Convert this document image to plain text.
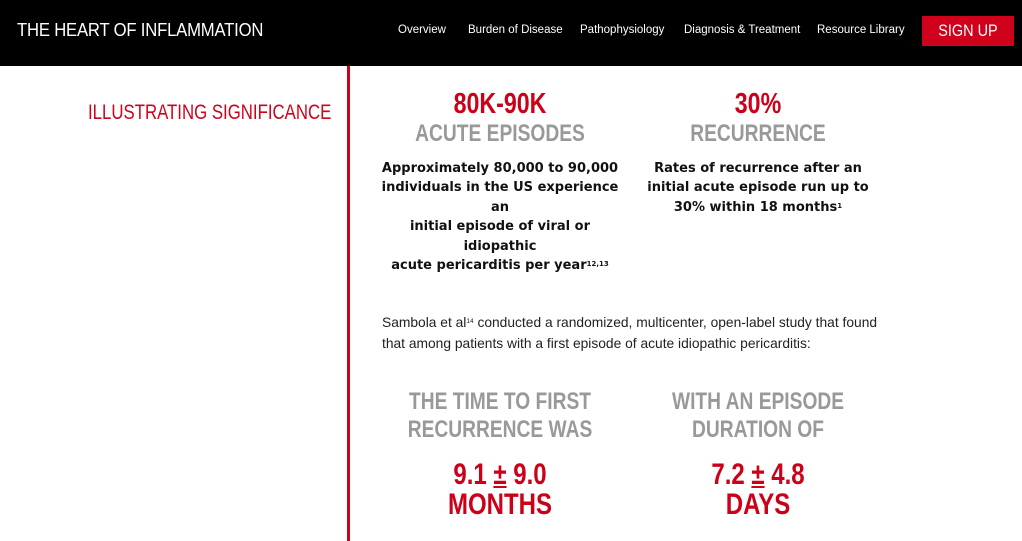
THE HEART OF INFLAMMATION	Overview Burden of Disease Pathophysiology Diagnosis & Treatment Resource Library SIGN UP
ILLUSTRATING SIGNIFICANCE	80K-90K
ACUTE EPISODES
Approximately 80,000 to 90,000
individuals in the US experience
an
initial episode of viral or
idiopathic
acute pericarditis per year$^{12,13}$
30%
RECURRENCE
Rates of recurrence after an
initial acute episode run up to
30% within 18 months$^1$
Sambola et al$^{14}$ conducted a randomized, multicenter, open-label study that found
that among patients with a first episode of acute idiopathic pericarditis:
THE TIME TO FIRST
RECURRENCE WAS
9.1 ± 9.0
MONTHS
WITH AN EPISODE
DURATION OF
7.2 ± 4.8
DAYS
